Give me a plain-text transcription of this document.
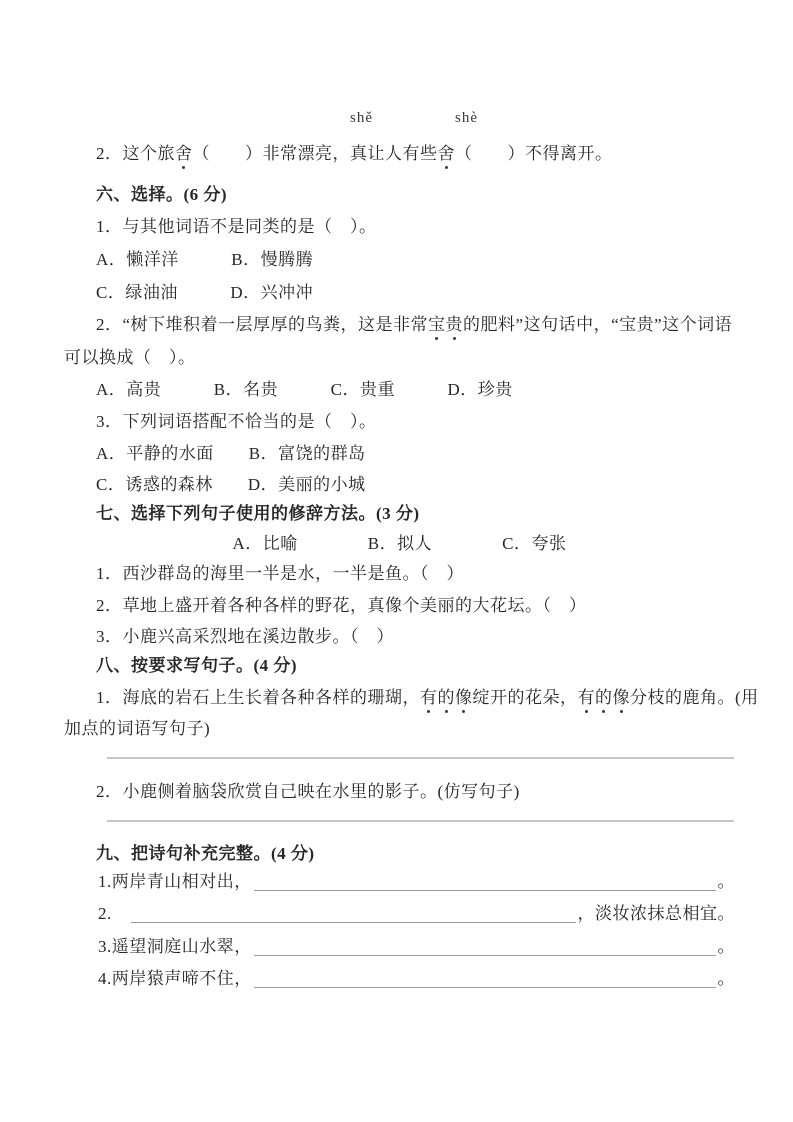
shě	shè
2．这个旅舍（　　）非常漂亮，真让人有些舍（　　）不得离开。
六、选择。(6 分)
1．与其他词语不是同类的是（　）。
A．懒洋洋　　　B．慢腾腾
C．绿油油　　　D．兴冲冲
2．“树下堆积着一层厚厚的鸟粪，这是非常宝贵的肥料”这句话中，“宝贵”这个词语
可以换成（　）。
A．高贵　　　B．名贵　　　C．贵重　　　D．珍贵
3．下列词语搭配不恰当的是（　）。
A．平静的水面　　B．富饶的群岛
C．诱惑的森林　　D．美丽的小城
七、选择下列句子使用的修辞方法。(3 分)
A．比喻　　　　B．拟人　　　　C．夸张
1．西沙群岛的海里一半是水，一半是鱼。（　）
2．草地上盛开着各种各样的野花，真像个美丽的大花坛。（　）
3．小鹿兴高采烈地在溪边散步。（　）
八、按要求写句子。(4 分)
1．海底的岩石上生长着各种各样的珊瑚，有的像绽开的花朵，有的像分枝的鹿角。(用
加点的词语写句子)
2．小鹿侧着脑袋欣赏自己映在水里的影子。(仿写句子)
九、把诗句补充完整。(4 分)
1.两岸青山相对出，	。
2.　	，淡妆浓抹总相宜。
3.遥望洞庭山水翠，	。
4.两岸猿声啼不住，	。
